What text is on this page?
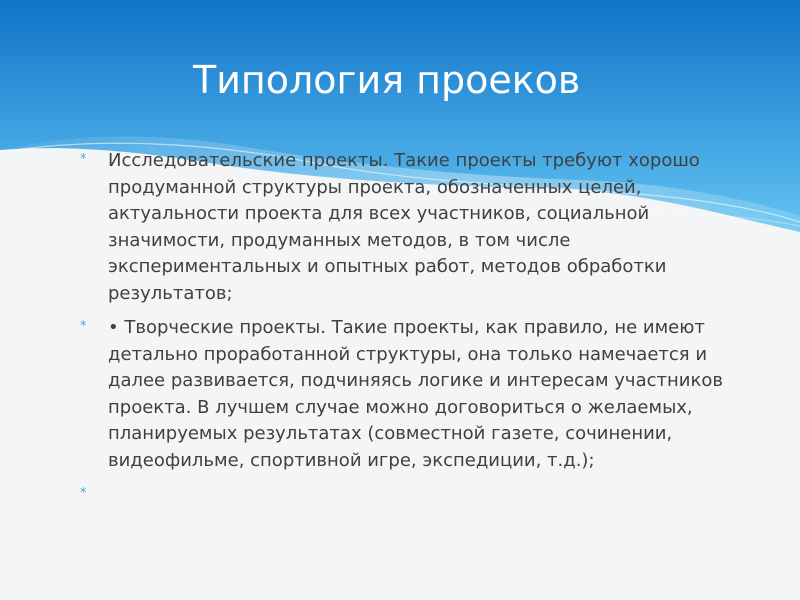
Типология проеков
* Исследовательские проекты. Такие проекты требуют хорошо продуманной структуры проекта, обозначенных целей, актуальности проекта для всех участников, социальной значимости, продуманных методов, в том числе экспериментальных и опытных работ, методов обработки результатов;
* • Творческие проекты. Такие проекты, как правило, не имеют детально проработанной структуры, она только намечается и далее развивается, подчиняясь логике и интересам участников проекта. В лучшем случае можно договориться о желаемых, планируемых результатах (совместной газете, сочинении, видеофильме, спортивной игре, экспедиции, т.д.);
*
